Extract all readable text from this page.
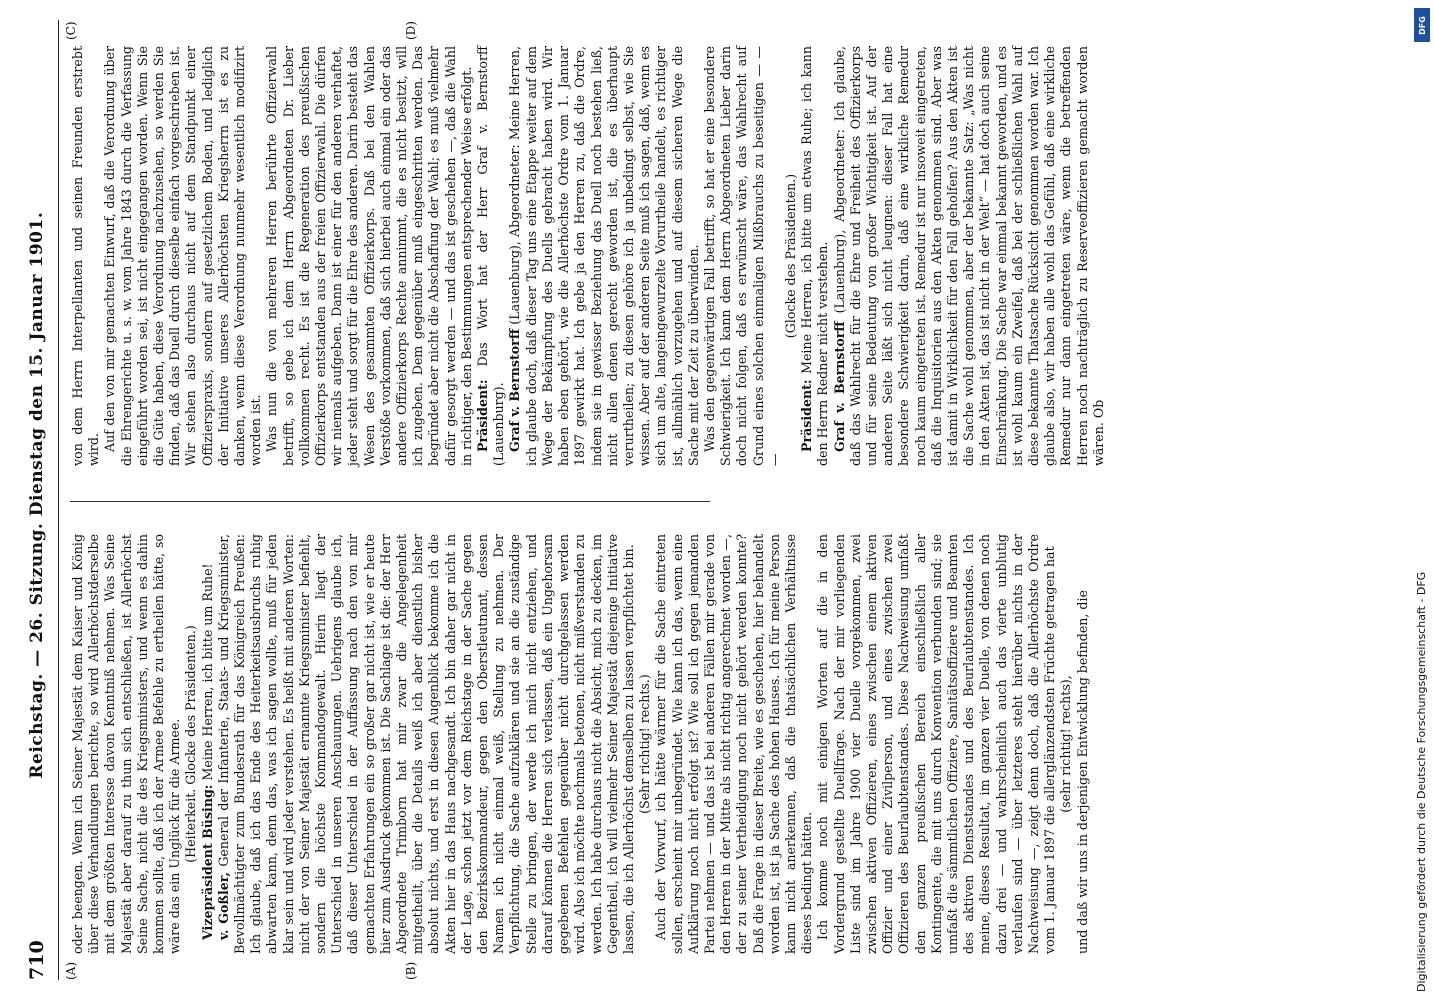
710
Reichstag. — 26. Sitzung. Dienstag den 15. Januar 1901.
(A)	(B)
(C)	(D)

oder beengen. Wenn ich Seiner Majestät dem Kaiser und König über diese Verhandlungen berichte, so wird Allerhöchstderselbe mit dem größten Interesse davon Kenntniß nehmen. Was Seine Majestät aber darauf zu thun sich entschließen, ist Allerhöchst Seine Sache, nicht die des Kriegsministers, und wenn es dahin kommen sollte, daß ich der Armee Befehle zu ertheilen hätte, so wäre das ein Unglück für die Armee. (Heiterkeit. Glocke des Präsidenten.) Vizepräsident Büsing: Meine Herren, ich bitte um Ruhe!

v. Goßler, General der Infanterie, Staats- und Kriegsminister, Bevollmächtigter zum Bundesrath für das Königreich Preußen: Ich glaube, daß ich das Ende des Heiterkeitsausbruchs ruhig abwarten kann, denn das, was ich sagen wollte, muß für jeden klar sein und wird jeder verstehen. Es heißt mit anderen Worten: nicht der von Seiner Majestät ernannte Kriegsminister befiehlt, sondern die höchste Kommandogewalt. Hierin liegt der Unterschied in unseren Anschauungen. Uebrigens glaube ich, daß dieser Unterschied in der Auffassung nach den von mir gemachten Erfahrungen ein so großer gar nicht ist, wie er heute hier zum Ausdruck gekommen ist. Die Sachlage ist die: der Herr Abgeordnete Trimborn hat mir zwar die Angelegenheit mitgetheilt, über die Details weiß ich aber dienstlich bisher absolut nichts, und erst in diesen Augenblick bekomme ich die Akten hier in das Haus nachgesandt. Ich bin daher gar nicht in der Lage, schon jetzt vor dem Reichstage in der Sache gegen den Bezirkskommandeur, gegen den Oberstleutnant, dessen Namen ich nicht einmal weiß, Stellung zu nehmen. Der Verpflichtung, die Sache aufzuklären und sie an die zuständige Stelle zu bringen, der werde ich mich nicht entziehen, und darauf können die Herren sich verlassen, daß ein Ungehorsam gegebenen Befehlen gegenüber nicht durchgelassen werden wird. Also ich möchte nochmals betonen, nicht mißverstanden zu werden. Ich habe durchaus nicht die Absicht, mich zu decken, im Gegentheil, ich will vielmehr Seiner Majestät diejenige Initiative lassen, die ich Allerhöchst demselben zu lassen verpflichtet bin. (Sehr richtig! rechts.) Auch der Vorwurf, ich hätte wärmer für die Sache eintreten sollen, erscheint mir unbegründet. Wie kann ich das, wenn eine Aufklärung noch nicht erfolgt ist? Wie soll ich gegen jemanden Partei nehmen — und das ist bei anderen Fällen mir gerade von den Herren in der Mitte als nicht richtig angerechnet worden —, der zu seiner Vertheidigung noch nicht gehört werden konnte? Daß die Frage in dieser Breite, wie es geschehen, hier behandelt worden ist, ist ja Sache des hohen Hauses. Ich für meine Person kann nicht anerkennen, daß die thatsächlichen Verhältnisse dieses bedingt hätten. Ich komme noch mit einigen Worten auf die in den Vordergrund gestellte Duellfrage. Nach der mir vorliegenden Liste sind im Jahre 1900 vier Duelle vorgekommen, zwei zwischen aktiven Offizieren, eines zwischen einem aktiven Offizier und einer Zivilperson, und eines zwischen zwei Offizieren des Beurlaubtenstandes. Diese Nachweisung umfaßt den ganzen preußischen Bereich einschließlich aller Kontingente, die mit uns durch Konvention verbunden sind; sie umfaßt die sämmtlichen Offiziere, Sanitätsoffiziere und Beamten des aktiven Dienststandes und des Beurlaubtenstandes. Ich meine, dieses Resultat, im ganzen vier Duelle, von denen noch dazu drei — und wahrscheinlich auch das vierte unblutig verlaufen sind — über letzteres steht hierüber nichts in der Nachweisung —, zeigt denn doch, daß die Allerhöchste Ordre vom 1. Januar 1897 die allerglänzendsten Früchte getragen hat (sehr richtig! rechts), und daß wir uns in derjenigen Entwicklung befinden, die

von dem Herrn Interpellanten und seinen Freunden erstrebt wird. Auf den von mir gemachten Einwurf, daß die Verordnung über die Ehrengerichte u. s. w. vom Jahre 1843 durch die Verfassung eingeführt worden sei, ist nicht eingegangen worden. Wenn Sie die Güte haben, diese Verordnung nachzusehen, so werden Sie finden, daß das Duell durch dieselbe einfach vorgeschrieben ist. Wir stehen also durchaus nicht auf dem Standpunkt einer Offizierspraxis, sondern auf gesetzlichem Boden, und lediglich der Initiative unseres Allerhöchsten Kriegsherrn ist es zu danken, wenn diese Verordnung nunmehr wesentlich modifizirt worden ist. Was nun die von mehreren Herren berührte Offizierwahl betrifft, so gebe ich dem Herrn Abgeordneten Dr. Lieber vollkommen recht. Es ist die Regeneration des preußischen Offizierkorps entstanden aus der freien Offizierwahl. Die dürfen wir niemals aufgeben. Dann ist einer für den anderen verhaftet, jeder steht und sorgt für die Ehre des anderen. Darin besteht das Wesen des gesammten Offizierkorps. Daß bei den Wahlen Verstöße vorkommen, daß sich hierbei auch einmal ein oder das andere Offizierkorps Rechte annimmt, die es nicht besitzt, will ich zugeben. Dem gegenüber muß eingeschritten werden. Das begründet aber nicht die Abschaffung der Wahl; es muß vielmehr dafür gesorgt werden — und das ist geschehen —, daß die Wahl in richtiger, den Bestimmungen entsprechender Weise erfolgt. Präsident: Das Wort hat der Herr Graf v. Bernstorff (Lauenburg). Graf v. Bernstorff (Lauenburg), Abgeordneter: Meine Herren, ich glaube doch, daß dieser Tag uns eine Etappe weiter auf dem Wege der Bekämpfung des Duells gebracht haben wird. Wir haben eben gehört, wie die Allerhöchste Ordre vom 1. Januar 1897 gewirkt hat. Ich gebe ja den Herren zu, daß die Ordre, indem sie in gewisser Beziehung das Duell noch bestehen ließ, nicht allen denen gerecht geworden ist, die es überhaupt verurtheilen; zu diesen gehöre ich ja unbedingt selbst, wie Sie wissen. Aber auf der anderen Seite muß ich sagen, daß, wenn es sich um alte, langeingewurzelte Vorurtheile handelt, es richtiger ist, allmählich vorzugehen und auf diesem sicheren Wege die Sache mit der Zeit zu überwinden. Was den gegenwärtigen Fall betrifft, so hat er eine besondere Schwierigkeit. Ich kann dem Herrn Abgeordneten Lieber darin doch nicht folgen, daß es erwünscht wäre, das Wahlrecht auf Grund eines solchen einmaligen Mißbrauchs zu beseitigen — — —

(Glocke des Präsidenten.)

Präsident: Meine Herren, ich bitte um etwas Ruhe; ich kann den Herrn Redner nicht verstehen. Graf v. Bernstorff (Lauenburg), Abgeordneter: Ich glaube, daß das Wahlrecht für die Ehre und Freiheit des Offizierkorps und für seine Bedeutung von großer Wichtigkeit ist. Auf der anderen Seite läßt sich nicht leugnen: dieser Fall hat eine besondere Schwierigkeit darin, daß eine wirkliche Remedur noch kaum eingetreten ist. Remedur ist nur insoweit eingetreten, daß die Inquisitorien aus den Akten genommen sind. Aber was ist damit in Wirklichkeit für den Fall geholfen? Aus den Akten ist die Sache wohl genommen, aber der bekannte Satz: „Was nicht in den Akten ist, das ist nicht in der Welt“ — hat doch auch seine Einschränkung. Die Sache war einmal bekannt geworden, und es ist wohl kaum ein Zweifel, daß bei der schließlichen Wahl auf diese bekannte Thatsache Rücksicht genommen worden war. Ich glaube also, wir haben alle wohl das Gefühl, daß eine wirkliche Remedur nur dann eingetreten wäre, wenn die betreffenden Herren noch nachträglich zu Reserveoffizieren gemacht worden wären. Ob

DFG
Digitalisierung gefördert durch die Deutsche Forschungsgemeinschaft - DFG
